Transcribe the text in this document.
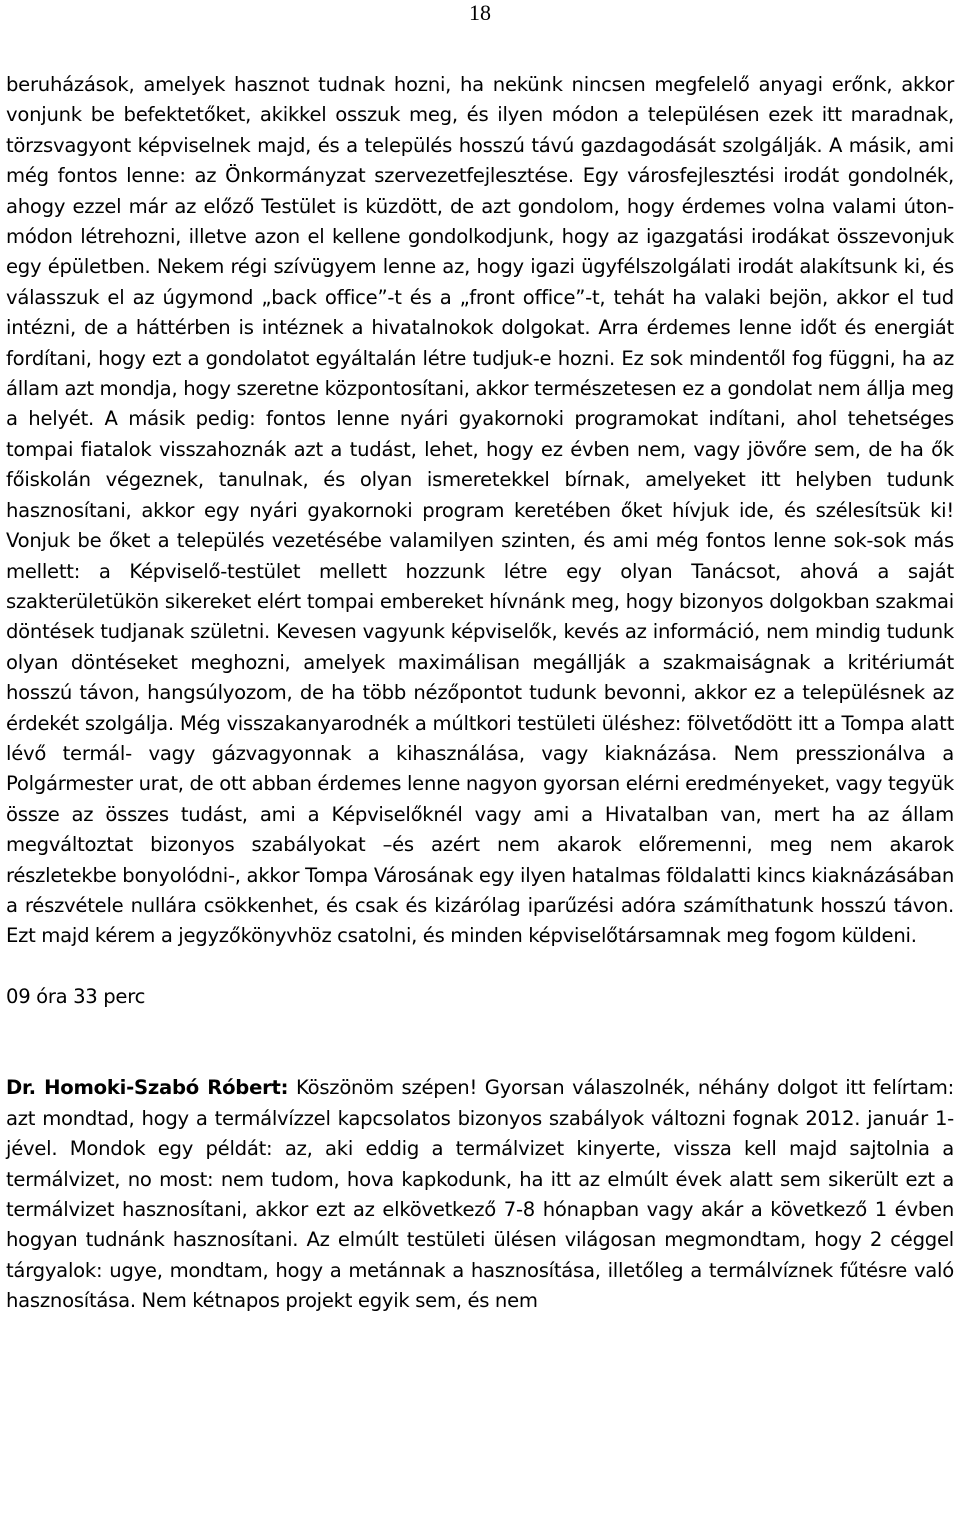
18

beruházások, amelyek hasznot tudnak hozni, ha nekünk nincsen megfelelő anyagi erőnk, akkor vonjunk be befektetőket, akikkel osszuk meg, és ilyen módon a településen ezek itt maradnak, törzsvagyont képviselnek majd, és a település hosszú távú gazdagodását szolgálják. A másik, ami még fontos lenne: az Önkormányzat szervezetfejlesztése. Egy városfejlesztési irodát gondolnék, ahogy ezzel már az előző Testület is küzdött, de azt gondolom, hogy érdemes volna valami úton-módon létrehozni, illetve azon el kellene gondolkodjunk, hogy az igazgatási irodákat összevonjuk egy épületben. Nekem régi szívügyem lenne az, hogy igazi ügyfélszolgálati irodát alakítsunk ki, és válasszuk el az úgymond „back office”-t és a „front office”-t, tehát ha valaki bejön, akkor el tud intézni, de a háttérben is intéznek a hivatalnokok dolgokat. Arra érdemes lenne időt és energiát fordítani, hogy ezt a gondolatot egyáltalán létre tudjuk-e hozni. Ez sok mindentől fog függni, ha az állam azt mondja, hogy szeretne központosítani, akkor természetesen ez a gondolat nem állja meg a helyét. A másik pedig: fontos lenne nyári gyakornoki programokat indítani, ahol tehetséges tompai fiatalok visszahoznák azt a tudást, lehet, hogy ez évben nem, vagy jövőre sem, de ha ők főiskolán végeznek, tanulnak, és olyan ismeretekkel bírnak, amelyeket itt helyben tudunk hasznosítani, akkor egy nyári gyakornoki program keretében őket hívjuk ide, és szélesítsük ki! Vonjuk be őket a település vezetésébe valamilyen szinten, és ami még fontos lenne sok-sok más mellett: a Képviselő-testület mellett hozzunk létre egy olyan Tanácsot, ahová a saját szakterületükön sikereket elért tompai embereket hívnánk meg, hogy bizonyos dolgokban szakmai döntések tudjanak születni. Kevesen vagyunk képviselők, kevés az információ, nem mindig tudunk olyan döntéseket meghozni, amelyek maximálisan megállják a szakmaiságnak a kritériumát hosszú távon, hangsúlyozom, de ha több nézőpontot tudunk bevonni, akkor ez a településnek az érdekét szolgálja. Még visszakanyarodnék a múltkori testületi üléshez: fölvetődött itt a Tompa alatt lévő termál- vagy gázvagyonnak a kihasználása, vagy kiaknázása. Nem presszionálva a Polgármester urat, de ott abban érdemes lenne nagyon gyorsan elérni eredményeket, vagy tegyük össze az összes tudást, ami a Képviselőknél vagy ami a Hivatalban van, mert ha az állam megváltoztat bizonyos szabályokat –és azért nem akarok előremenni, meg nem akarok részletekbe bonyolódni-, akkor Tompa Városának egy ilyen hatalmas földalatti kincs kiaknázásában a részvétele nullára csökkenhet, és csak és kizárólag iparűzési adóra számíthatunk hosszú távon. Ezt majd kérem a jegyzőkönyvhöz csatolni, és minden képviselőtársamnak meg fogom küldeni.

09 óra 33 perc

Dr. Homoki-Szabó Róbert: Köszönöm szépen! Gyorsan válaszolnék, néhány dolgot itt felírtam: azt mondtad, hogy a termálvízzel kapcsolatos bizonyos szabályok változni fognak 2012. január 1-jével. Mondok egy példát: az, aki eddig a termálvizet kinyerte, vissza kell majd sajtolnia a termálvizet, no most: nem tudom, hova kapkodunk, ha itt az elmúlt évek alatt sem sikerült ezt a termálvizet hasznosítani, akkor ezt az elkövetkező 7-8 hónapban vagy akár a következő 1 évben hogyan tudnánk hasznosítani. Az elmúlt testületi ülésen világosan megmondtam, hogy 2 céggel tárgyalok: ugye, mondtam, hogy a metánnak a hasznosítása, illetőleg a termálvíznek fűtésre való hasznosítása. Nem kétnapos projekt egyik sem, és nem
